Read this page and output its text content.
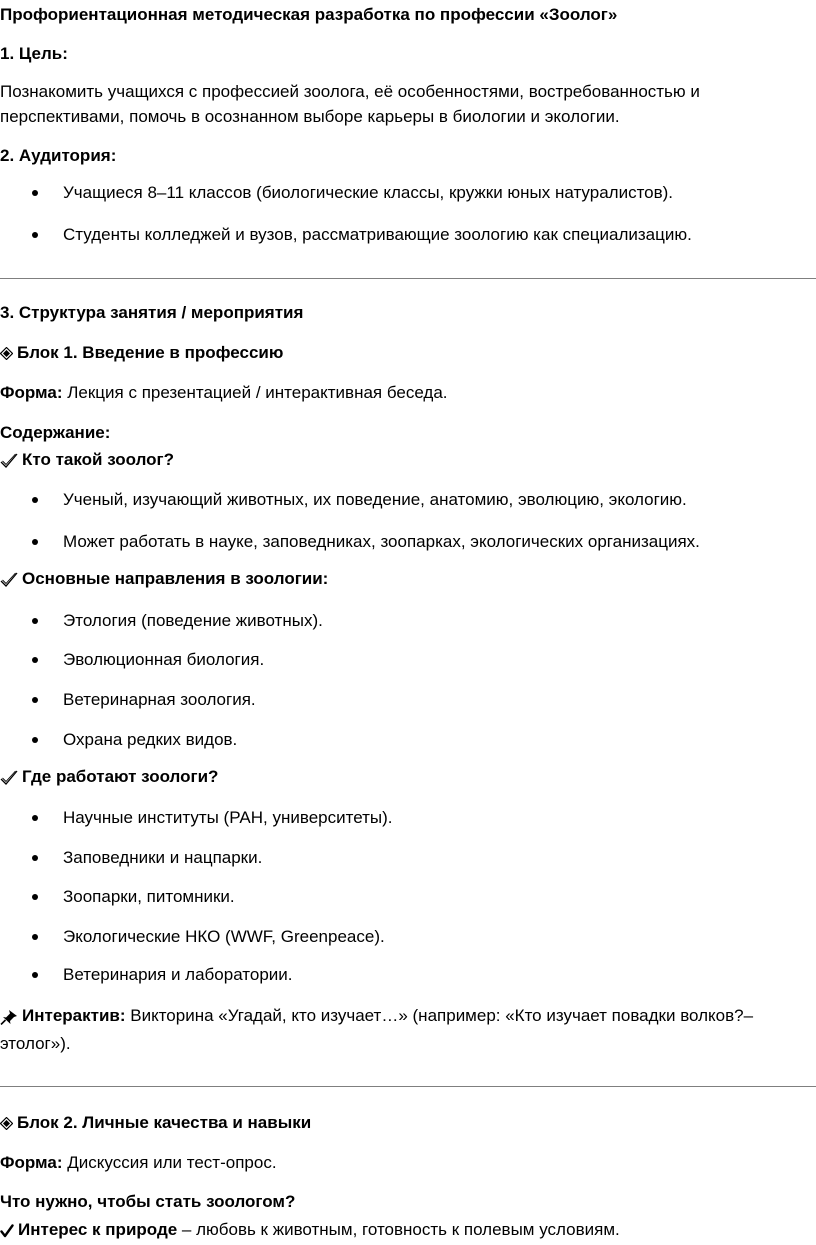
Профориентационная методическая разработка по профессии «Зоолог»
1. Цель:
Познакомить учащихся с профессией зоолога, её особенностями, востребованностью и
перспективами, помочь в осознанном выборе карьеры в биологии и экологии.
2. Аудитория:
Учащиеся 8–11 классов (биологические классы, кружки юных натуралистов).
Студенты колледжей и вузов, рассматривающие зоологию как специализацию.
3. Структура занятия / мероприятия
Блок 1. Введение в профессию
Форма: Лекция с презентацией / интерактивная беседа.
Содержание:
Кто такой зоолог?
Ученый, изучающий животных, их поведение, анатомию, эволюцию, экологию.
Может работать в науке, заповедниках, зоопарках, экологических организациях.
Основные направления в зоологии:
Этология (поведение животных).
Эволюционная биология.
Ветеринарная зоология.
Охрана редких видов.
Где работают зоологи?
Научные институты (РАН, университеты).
Заповедники и нацпарки.
Зоопарки, питомники.
Экологические НКО (WWF, Greenpeace).
Ветеринария и лаборатории.
Интерактив: Викторина «Угадай, кто изучает…» (например: «Кто изучает повадки волков?–
этолог»).
Блок 2. Личные качества и навыки
Форма: Дискуссия или тест-опрос.
Что нужно, чтобы стать зоологом?
Интерес к природе – любовь к животным, готовность к полевым условиям.
